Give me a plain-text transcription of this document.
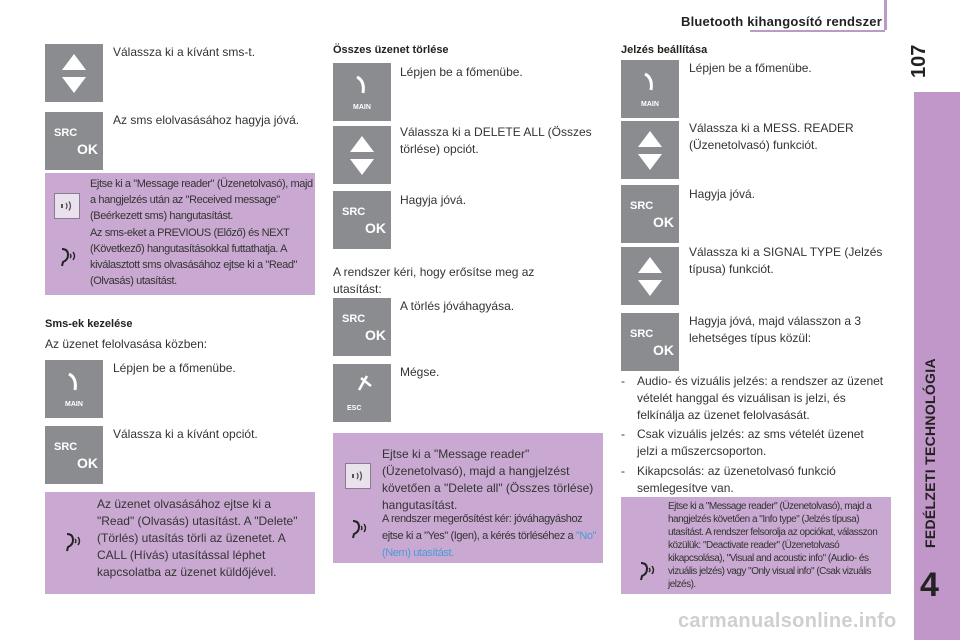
Bluetooth kihangosító rendszer
107
FEDÉLZETI TECHNOLÓGIA
4
Válassza ki a kívánt sms-t.
SRC
OK
Az sms elolvasásához hagyja jóvá.
Ejtse ki a "Message reader" (Üzenetolvasó), majd a hangjelzés után az "Received message" (Beérkezett sms) hangutasítást.
Az sms-eket a PREVIOUS (Előző) és NEXT (Következő) hangutasításokkal futtathatja. A kiválasztott sms olvasásához ejtse ki a "Read" (Olvasás) utasítást.
Sms-ek kezelése
Az üzenet felolvasása közben:
MAIN
Lépjen be a főmenübe.
SRC
OK
Válassza ki a kívánt opciót.
Az üzenet olvasásához ejtse ki a "Read" (Olvasás) utasítást. A "Delete" (Törlés) utasítás törli az üzenetet. A CALL (Hívás) utasítással léphet kapcsolatba az üzenet küldőjével.
Összes üzenet törlése
MAIN
Lépjen be a főmenübe.
Válassza ki a DELETE ALL (Összes törlése) opciót.
SRC
OK
Hagyja jóvá.
A rendszer kéri, hogy erősítse meg az utasítást:
SRC
OK
A törlés jóváhagyása.
ESC
Mégse.
Ejtse ki a "Message reader" (Üzenetolvasó), majd a hangjelzést követően a "Delete all" (Összes törlése) hangutasítást.
A rendszer megerősítést kér: jóváhagyáshoz ejtse ki a "Yes" (Igen), a kérés törléséhez a "No" (Nem) utasítást.
Jelzés beállítása
MAIN
Lépjen be a főmenübe.
Válassza ki a MESS. READER (Üzenetolvasó) funkciót.
SRC
OK
Hagyja jóvá.
Válassza ki a SIGNAL TYPE (Jelzés típusa) funkciót.
SRC
OK
Hagyja jóvá, majd válasszon a 3 lehetséges típus közül:
-	Audio- és vizuális jelzés: a rendszer az üzenet vételét hanggal és vizuálisan is jelzi, és felkínálja az üzenet felolvasását.
-	Csak vizuális jelzés: az sms vételét üzenet jelzi a műszercsoporton.
-	Kikapcsolás: az üzenetolvasó funkció semlegesítve van.
Ejtse ki a "Message reader" (Üzenetolvasó), majd a hangjelzés követően a "Info type" (Jelzés típusa) utasítást. A rendszer felsorolja az opciókat, válasszon közülük: "Deactivate reader" (Üzenetolvasó kikapcsolása), "Visual and acoustic info" (Audio- és vizuális jelzés) vagy "Only visual info" (Csak vizuális jelzés).
carmanualsonline.info
